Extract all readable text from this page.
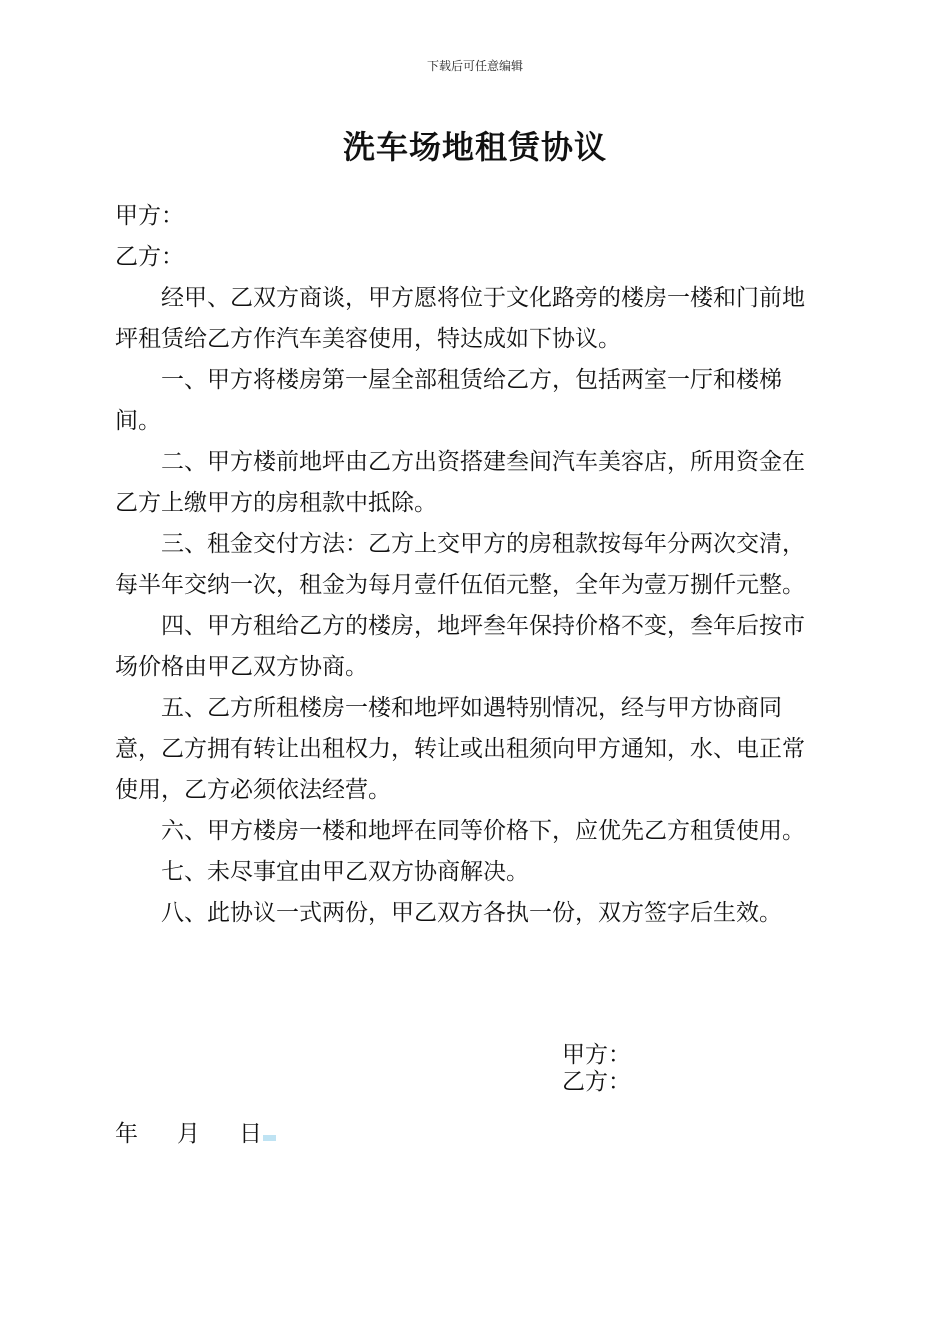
下载后可任意编辑
洗车场地租赁协议

甲方：

乙方：

经甲、乙双方商谈，甲方愿将位于文化路旁的楼房一楼和门前地坪租赁给乙方作汽车美容使用，特达成如下协议。

一、甲方将楼房第一屋全部租赁给乙方，包括两室一厅和楼梯间。

二、甲方楼前地坪由乙方出资搭建叁间汽车美容店，所用资金在乙方上缴甲方的房租款中抵除。

三、租金交付方法：乙方上交甲方的房租款按每年分两次交清，每半年交纳一次，租金为每月壹仟伍佰元整，全年为壹万捌仟元整。

四、甲方租给乙方的楼房，地坪叁年保持价格不变，叁年后按市场价格由甲乙双方协商。

五、乙方所租楼房一楼和地坪如遇特别情况，经与甲方协商同意，乙方拥有转让出租权力，转让或出租须向甲方通知，水、电正常使用，乙方必须依法经营。

六、甲方楼房一楼和地坪在同等价格下，应优先乙方租赁使用。

七、未尽事宜由甲乙双方协商解决。

八、此协议一式两份，甲乙双方各执一份，双方签字后生效。

甲方：

乙方：

年 月 日
